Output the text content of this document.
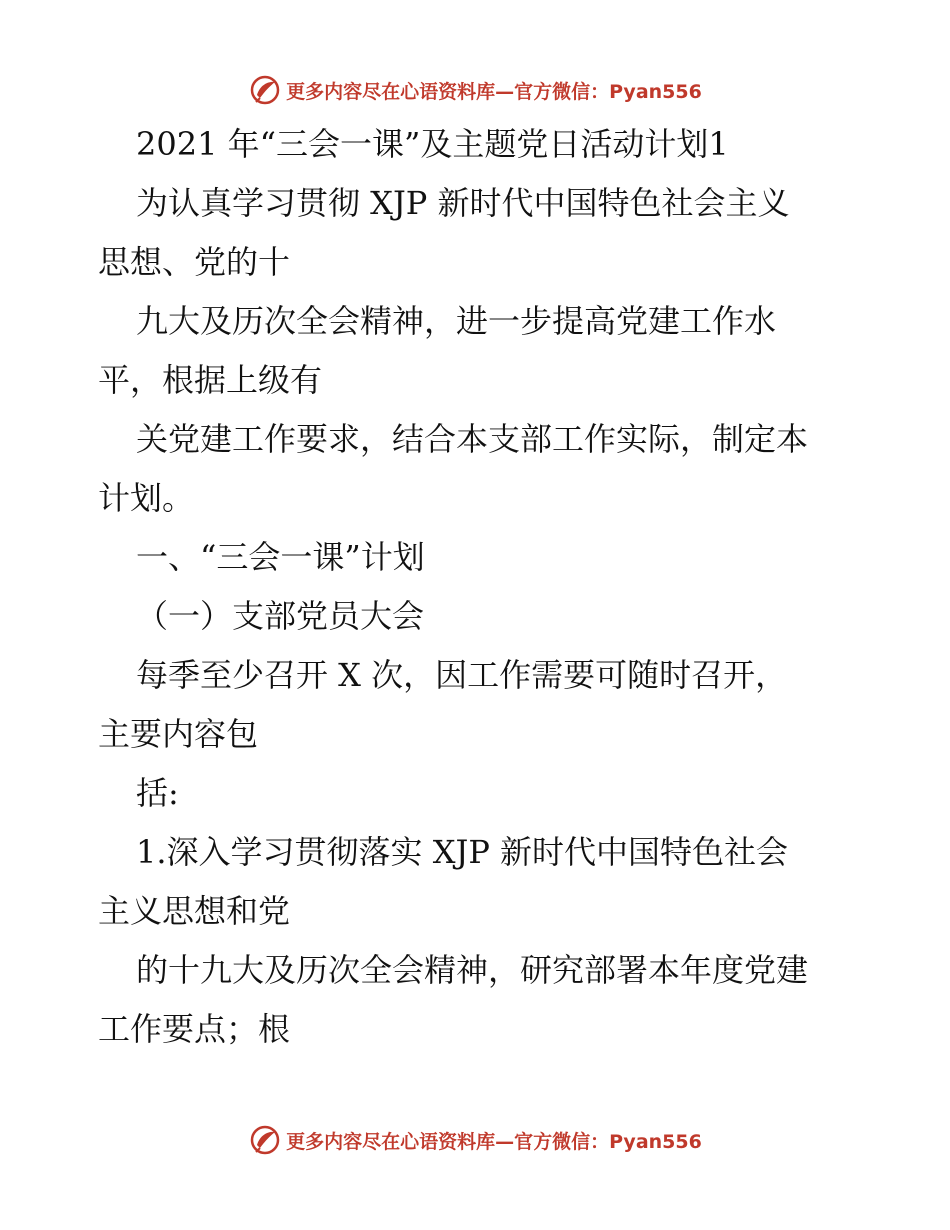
更多内容尽在心语资料库—官方微信：Pyan556
2021 年“三会一课”及主题党日活动计划1
为认真学习贯彻 XJP 新时代中国特色社会主义
思想、党的十
九大及历次全会精神，进一步提高党建工作水
平，根据上级有
关党建工作要求，结合本支部工作实际，制定本
计划。
一、“三会一课”计划
（一）支部党员大会
每季至少召开 X 次，因工作需要可随时召开，
主要内容包
括:
1.深入学习贯彻落实 XJP 新时代中国特色社会
主义思想和党
的十九大及历次全会精神，研究部署本年度党建
工作要点；根
更多内容尽在心语资料库—官方微信：Pyan556
